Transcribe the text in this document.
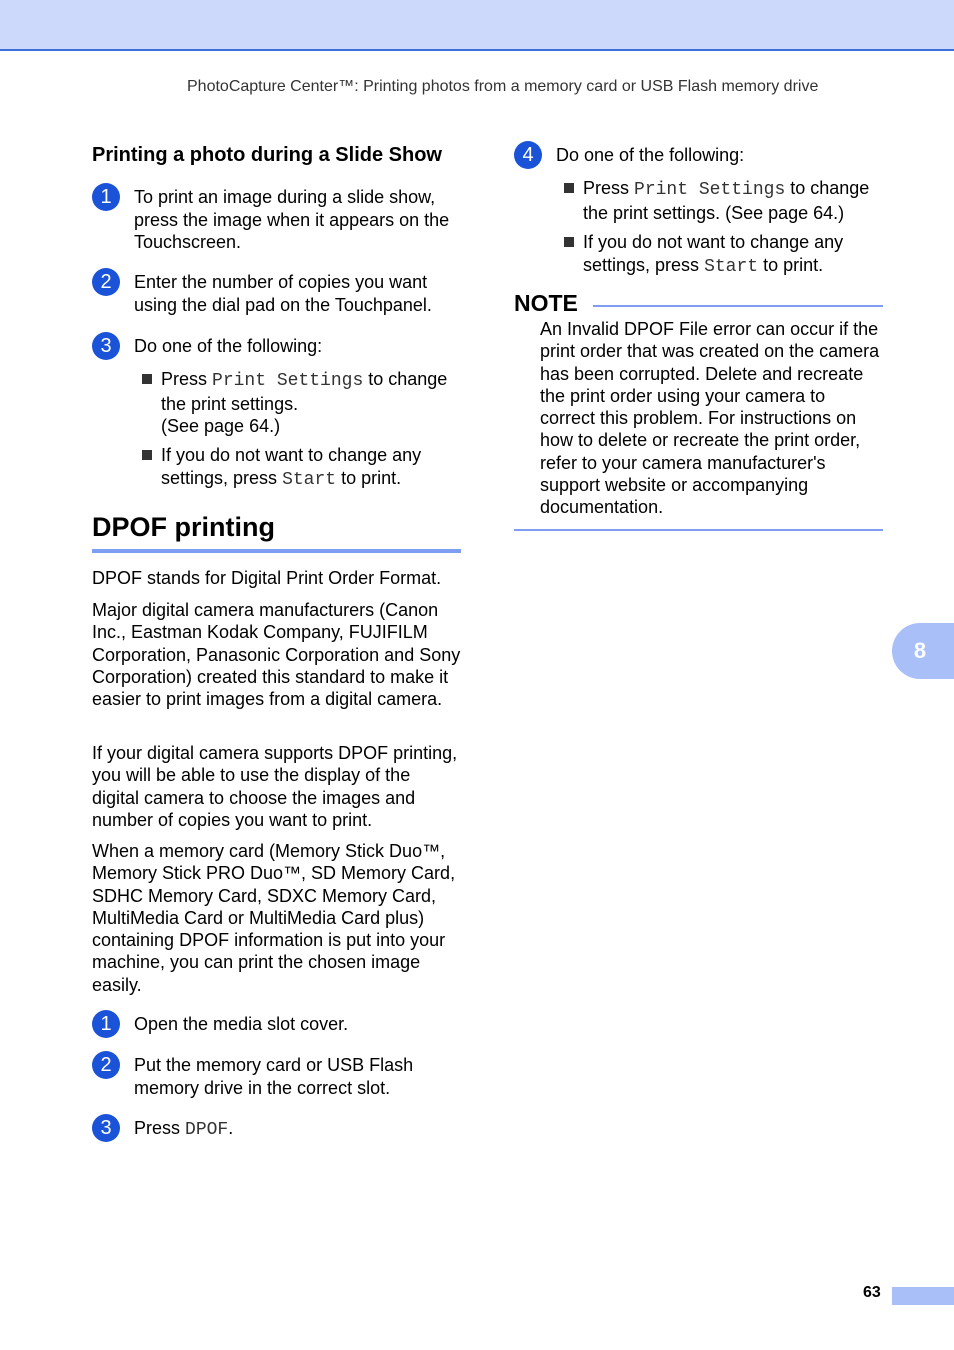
PhotoCapture Center™: Printing photos from a memory card or USB Flash memory drive
Printing a photo during a Slide Show
1	To print an image during a slide show, press the image when it appears on the Touchscreen.
2	Enter the number of copies you want using the dial pad on the Touchpanel.
3	Do one of the following:
Press Print Settings to change the print settings.
(See page 64.)
If you do not want to change any settings, press Start to print.
DPOF printing
DPOF stands for Digital Print Order Format.
Major digital camera manufacturers (Canon Inc., Eastman Kodak Company, FUJIFILM Corporation, Panasonic Corporation and Sony Corporation) created this standard to make it easier to print images from a digital camera.
If your digital camera supports DPOF printing, you will be able to use the display of the digital camera to choose the images and number of copies you want to print.
When a memory card (Memory Stick Duo™, Memory Stick PRO Duo™, SD Memory Card, SDHC Memory Card, SDXC Memory Card, MultiMedia Card or MultiMedia Card plus) containing DPOF information is put into your machine, you can print the chosen image easily.
1	Open the media slot cover.
2	Put the memory card or USB Flash memory drive in the correct slot.
3	Press DPOF.
4	Do one of the following:
Press Print Settings to change the print settings. (See page 64.)
If you do not want to change any settings, press Start to print.
NOTE
An Invalid DPOF File error can occur if the print order that was created on the camera has been corrupted. Delete and recreate the print order using your camera to correct this problem. For instructions on how to delete or recreate the print order, refer to your camera manufacturer's support website or accompanying documentation.
8
63
